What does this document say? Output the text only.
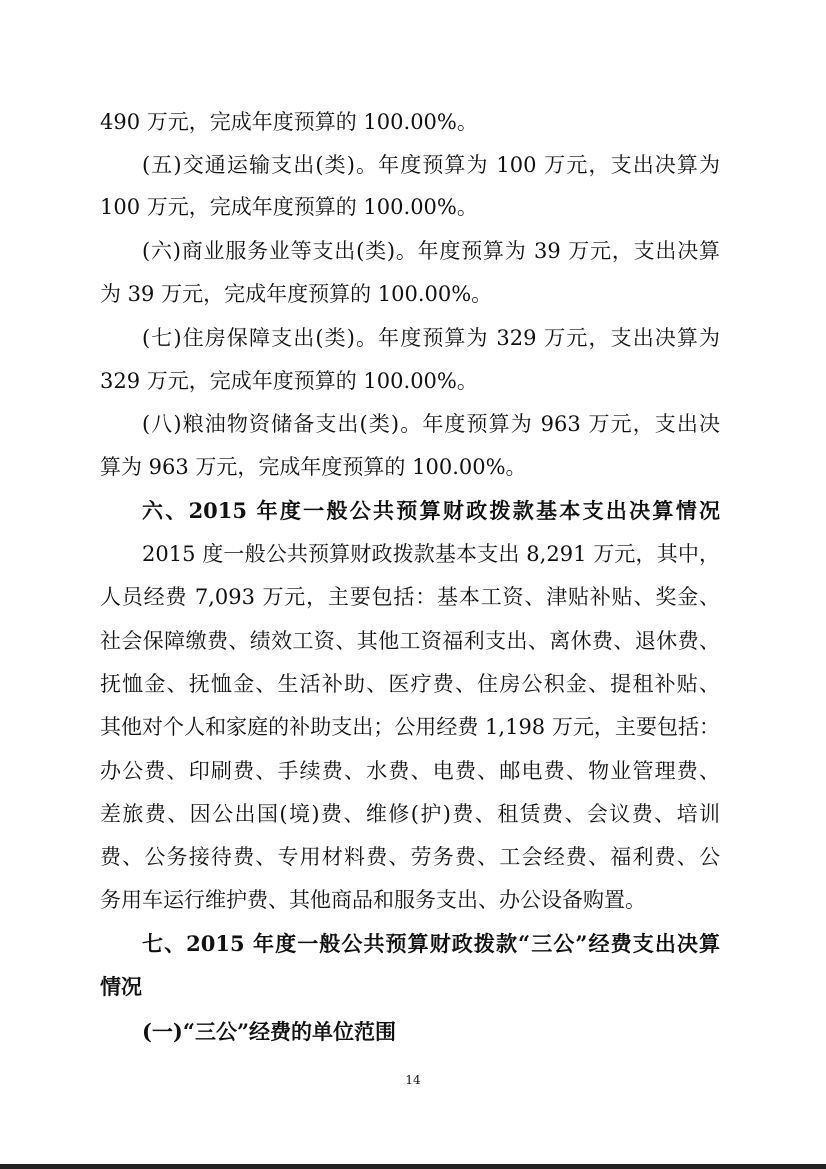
490 万元，完成年度预算的 100.00%。
(五)交通运输支出(类)。年度预算为 100 万元，支出决算为
100 万元，完成年度预算的 100.00%。
(六)商业服务业等支出(类)。年度预算为 39 万元，支出决算
为 39 万元，完成年度预算的 100.00%。
(七)住房保障支出(类)。年度预算为 329 万元，支出决算为
329 万元，完成年度预算的 100.00%。
(八)粮油物资储备支出(类)。年度预算为 963 万元，支出决
算为 963 万元，完成年度预算的 100.00%。
六、2015 年度一般公共预算财政拨款基本支出决算情况
2015 度一般公共预算财政拨款基本支出 8,291 万元，其中，
人员经费 7,093 万元，主要包括：基本工资、津贴补贴、奖金、
社会保障缴费、绩效工资、其他工资福利支出、离休费、退休费、
抚恤金、抚恤金、生活补助、医疗费、住房公积金、提租补贴、
其他对个人和家庭的补助支出；公用经费 1,198 万元，主要包括：
办公费、印刷费、手续费、水费、电费、邮电费、物业管理费、
差旅费、因公出国(境)费、维修(护)费、租赁费、会议费、培训
费、公务接待费、专用材料费、劳务费、工会经费、福利费、公
务用车运行维护费、其他商品和服务支出、办公设备购置。
七、2015 年度一般公共预算财政拨款“三公”经费支出决算
情况
(一)“三公”经费的单位范围
14
